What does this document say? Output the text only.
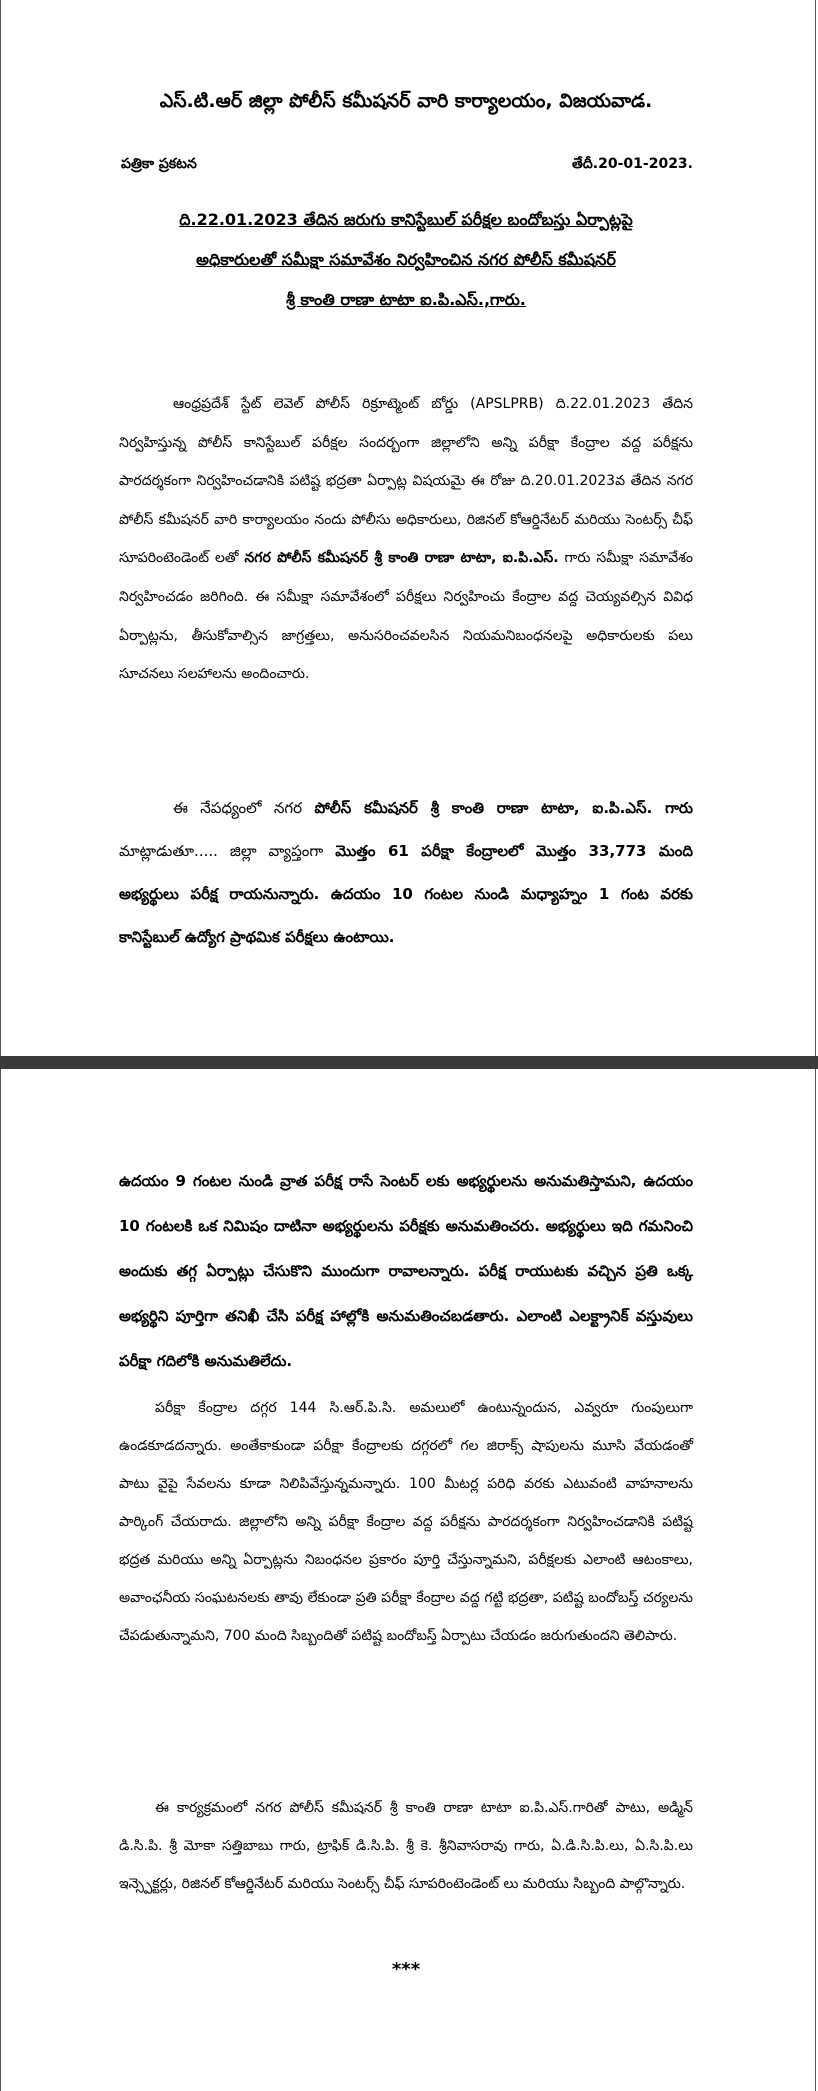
ఎస్.టి.ఆర్ జిల్లా పోలీస్ కమీషనర్ వారి కార్యాలయం, విజయవాడ.
పత్రికా ప్రకటన	తేదీ.20-01-2023.
ది.22.01.2023 తేదిన జరుగు కానిస్టేబుల్ పరీక్షల బందోబస్తు ఏర్పాట్లపై
అధికారులతో సమీక్షా సమావేశం నిర్వహించిన నగర పోలీస్ కమీషనర్
శ్రీ కాంతి రాణా టాటా ఐ.పి.ఎస్.,గారు.

ఆంధ్రప్రదేశ్ స్టేట్ లెవెల్ పోలీస్ రిక్రూట్మెంట్ బోర్డు (APSLPRB) ది.22.01.2023 తేదిన నిర్వహిస్తున్న పోలీస్ కానిస్టేబుల్ పరీక్షల సందర్బంగా జిల్లాలోని అన్ని పరీక్షా కేంద్రాల వద్ద పరీక్షను పారదర్శకంగా నిర్వహించడానికి పటిష్ట భద్రతా ఏర్పాట్ల విషయమై ఈ రోజు ది.20.01.2023వ తేదిన నగర పోలీస్ కమీషనర్ వారి కార్యాలయం నందు పోలీసు అధికారులు, రిజినల్ కోఆర్డినేటర్ మరియు సెంటర్స్ చీఫ్ సూపరింటెండెంట్ లతో నగర పోలీస్ కమీషనర్ శ్రీ కాంతి రాణా టాటా, ఐ.పి.ఎస్. గారు సమీక్షా సమావేశం నిర్వహించడం జరిగింది. ఈ సమీక్షా సమావేశంలో పరీక్షలు నిర్వహించు కేంద్రాల వద్ద చెయ్యవల్సిన వివిధ ఏర్పాట్లను, తీసుకోవాల్సిన జాగ్రత్తలు, అనుసరించవలసిన నియమనిబంధనలపై అధికారులకు పలు సూచనలు సలహాలను అందించారు.

ఈ నేపధ్యంలో నగర పోలీస్ కమీషనర్ శ్రీ కాంతి రాణా టాటా, ఐ.పి.ఎస్. గారు మాట్లాడుతూ..... జిల్లా వ్యాప్తంగా మొత్తం 61 పరీక్షా కేంద్రాలలో మొత్తం 33,773 మంది అభ్యర్థులు పరీక్ష రాయనున్నారు. ఉదయం 10 గంటల నుండి మధ్యాహ్నం 1 గంట వరకు కానిస్టేబుల్ ఉద్యోగ ప్రాథమిక పరీక్షలు ఉంటాయి.

ఉదయం 9 గంటల నుండి వ్రాత పరీక్ష రాసే సెంటర్ లకు అభ్యర్థులను అనుమతిస్తామని, ఉదయం 10 గంటలకి ఒక నిమిషం దాటినా అభ్యర్థులను పరీక్షకు అనుమతించరు. అభ్యర్థులు ఇది గమనించి అందుకు తగ్గ ఏర్పాట్లు చేసుకొని ముందుగా రావాలన్నారు. పరీక్ష రాయుటకు వచ్చిన ప్రతి ఒక్క అభ్యర్థిని పూర్తిగా తనిఖీ చేసి పరీక్ష హాల్లోకి అనుమతించబడతారు. ఎలాంటి ఎలక్ట్రానిక్ వస్తువులు పరీక్షా గదిలోకి అనుమతిలేదు.

పరీక్షా కేంద్రాల దగ్గర 144 సి.ఆర్.పి.సి. అమలులో ఉంటున్నందున, ఎవ్వరూ గుంపులుగా ఉండకూడదన్నారు. అంతేకాకుండా పరీక్షా కేంద్రాలకు దగ్గరలో గల జిరాక్స్ షాపులను మూసి వేయడంతో పాటు వైపై సేవలను కూడా నిలిపివేస్తున్నమన్నారు. 100 మీటర్ల పరిధి వరకు ఎటువంటి వాహనాలను పార్కింగ్ చేయరాదు. జిల్లాలోని అన్ని పరీక్షా కేంద్రాల వద్ద పరీక్షను పారదర్శకంగా నిర్వహించడానికి పటిష్ట భద్రత మరియు అన్ని ఏర్పాట్లను నిబంధనల ప్రకారం పూర్తి చేస్తున్నామని, పరీక్షలకు ఎలాంటి ఆటంకాలు, అవాంఛనీయ సంఘటనలకు తావు లేకుండా ప్రతి పరీక్షా కేంద్రాల వద్ద గట్టి భద్రతా, పటిష్ట బందోబస్త్ చర్యలను చేపడుతున్నామని, 700 మంది సిబ్బందితో పటిష్ట బందోబస్త్ ఏర్పాటు చేయడం జరుగుతుందని తెలిపారు.

ఈ కార్యక్రమంలో నగర పోలీస్ కమీషనర్ శ్రీ కాంతి రాణా టాటా ఐ.పి.ఎస్.గారితో పాటు, అడ్మిన్ డి.సి.పి. శ్రీ మోకా సత్తిబాబు గారు, ట్రాఫిక్ డి.సి.పి. శ్రీ కె. శ్రీనివాసరావు గారు, ఏ.డి.సి.పి.లు, ఏ.సి.పి.లు ఇన్స్పెక్టర్లు, రిజినల్ కోఆర్డినేటర్ మరియు సెంటర్స్ చీఫ్ సూపరింటెండెంట్ లు మరియు సిబ్బంది పాల్గొన్నారు.

***
